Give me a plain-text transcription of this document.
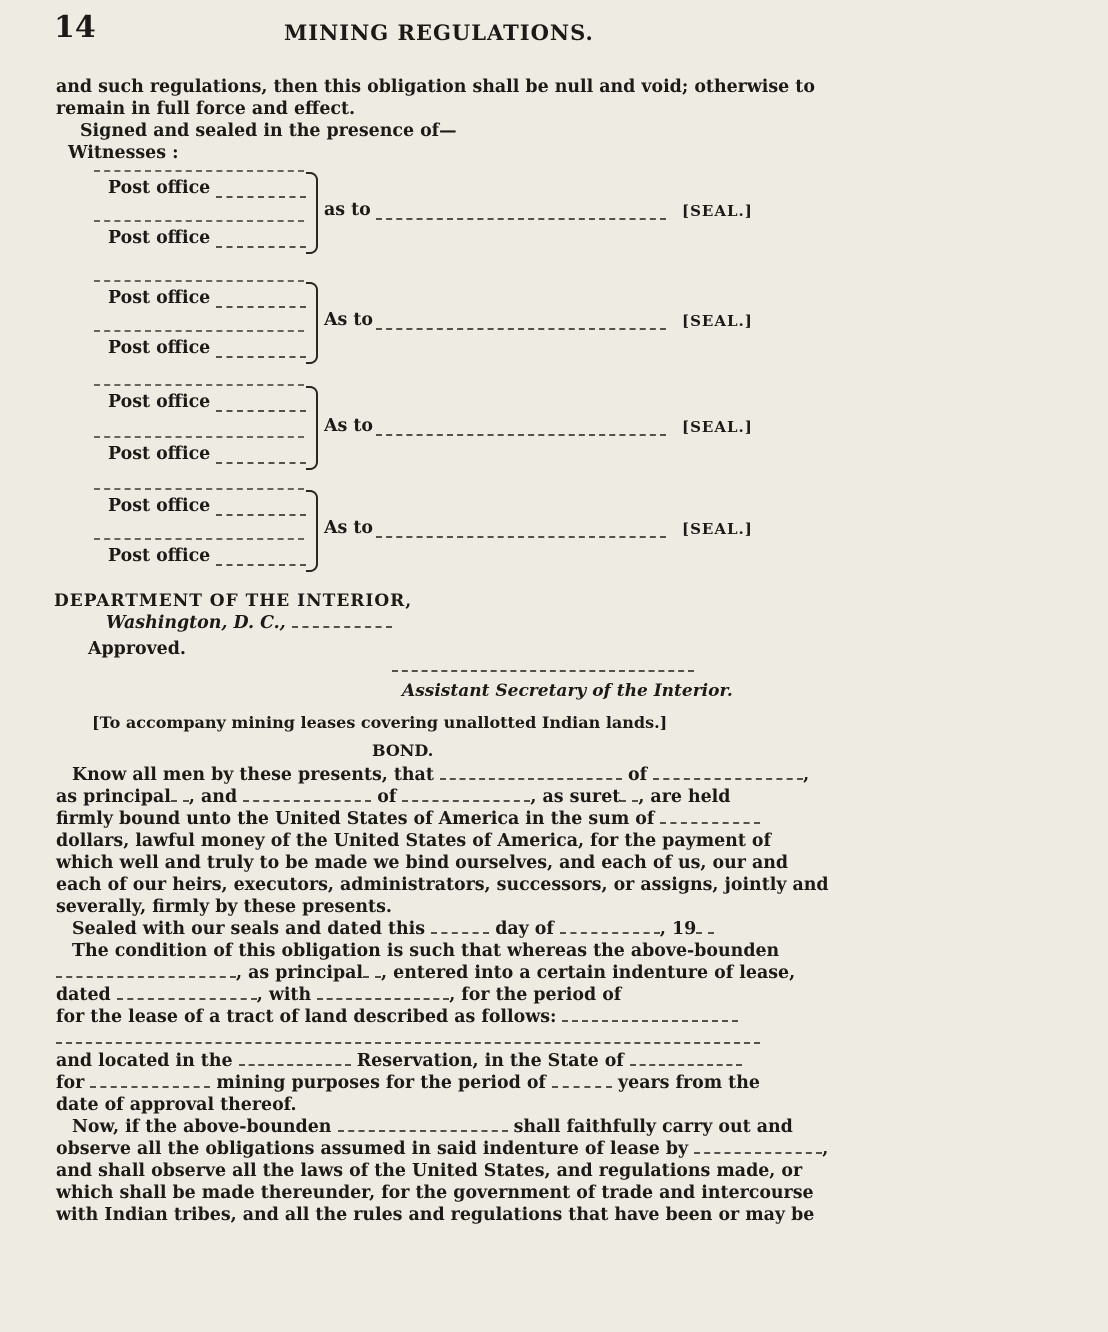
14	MINING REGULATIONS.
and such regulations, then this obligation shall be null and void; otherwise to
remain in full force and effect.
Signed and sealed in the presence of—
Witnesses :
Post office
Post office
as to	[SEAL.]
Post office
Post office
As to	[SEAL.]
Post office
Post office
As to	[SEAL.]
Post office
Post office
As to	[SEAL.]
DEPARTMENT OF THE INTERIOR,
Washington, D. C.,
Approved.
Assistant Secretary of the Interior.
[To accompany mining leases covering unallotted Indian lands.]
BOND.
Know all men by these presents, that	of	,
as principal , and	of	, as suret , are held
firmly bound unto the United States of America in the sum of
dollars, lawful money of the United States of America, for the payment of
which well and truly to be made we bind ourselves, and each of us, our and
each of our heirs, executors, administrators, successors, or assigns, jointly and
severally, firmly by these presents.
Sealed with our seals and dated this	day of	, 19
The condition of this obligation is such that whereas the above-bounden
, as principal , entered into a certain indenture of lease,
dated	, with	, for the period of
for the lease of a tract of land described as follows:
and located in the	Reservation, in the State of
for	mining purposes for the period of	years from the
date of approval thereof.
Now, if the above-bounden	shall faithfully carry out and
observe all the obligations assumed in said indenture of lease by	,
and shall observe all the laws of the United States, and regulations made, or
which shall be made thereunder, for the government of trade and intercourse
with Indian tribes, and all the rules and regulations that have been or may be
